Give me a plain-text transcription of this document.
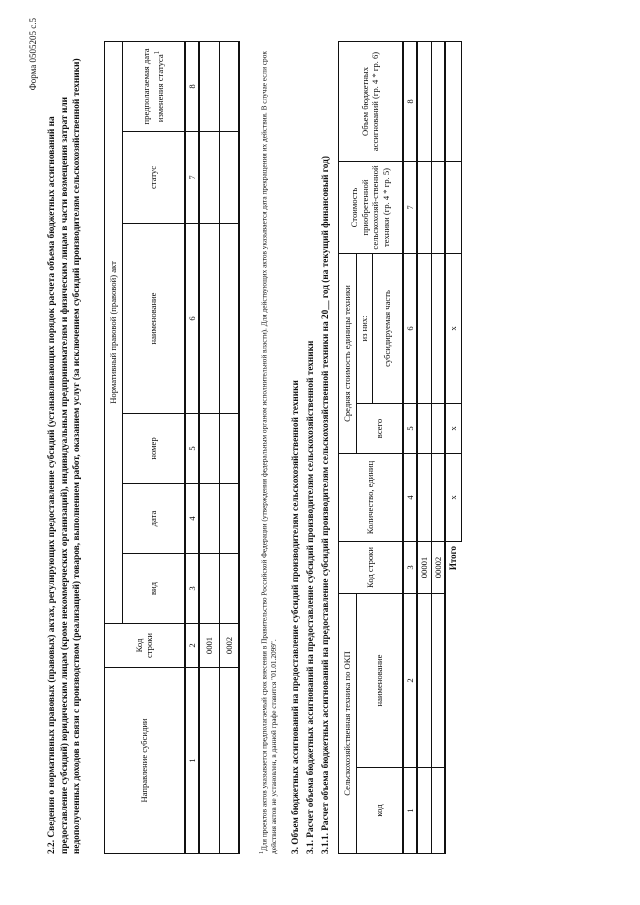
Форма 0505205 с.5
2.2. Сведения о нормативных правовых (правовых) актах, регулирующих предоставление субсидий (устанавливающих порядок расчета объема бюджетных ассигнований на предоставление субсидий) юридическим лицам (кроме некоммерческих организаций), индивидуальным предпринимателям и физическим лицам в части возмещения затрат или недополученных доходов в связи с производством (реализацией) товаров, выполнением работ, оказанием услуг (за исключением субсидий производителям сельскохозяйственной техники)	Направление субсидии	Код строки	Нормативный правовой (правовой) акт					
		вид	дата	номер	наименование	статус	предполагаемая дата изменения статуса$^1$
1	2	3	4	5	6	7	8
	0001						
	0002						
$^1$Для проектов актов указывается предполагаемый срок внесения в Правительство Российской Федерации (утверждения федеральным органом исполнительной власти). Для действующих актов указывается дата прекращения их действия. В случае если срок действия актов не установлен, в данной графе ставится "01.01.2099". 3. Объем бюджетных ассигнований на предоставление субсидий производителям сельскохозяйственной техники 3.1. Расчет объема бюджетных ассигнований на предоставление субсидий производителям сельскохозяйственной техники 3.1.1. Расчет объема бюджетных ассигнований на предоставление субсидий производителям сельскохозяйственной техники на 20__ год (на текущий финансовый год) Сельскохозяйственная техника по ОКП		Код строки	Количество, единиц	Средняя стоимость единицы техники		Стоимость приобретенной сельскохозяй-ственной техники (гр. 4 * гр. 5)	Объем бюджетных ассигнований (гр. 4 * гр. 6)
код	наименование			всего	из них:		
					субсидируемая часть		
1	2	3	4	5	6	7	8
		00001					
		00002					
Итого			x	x	x		
